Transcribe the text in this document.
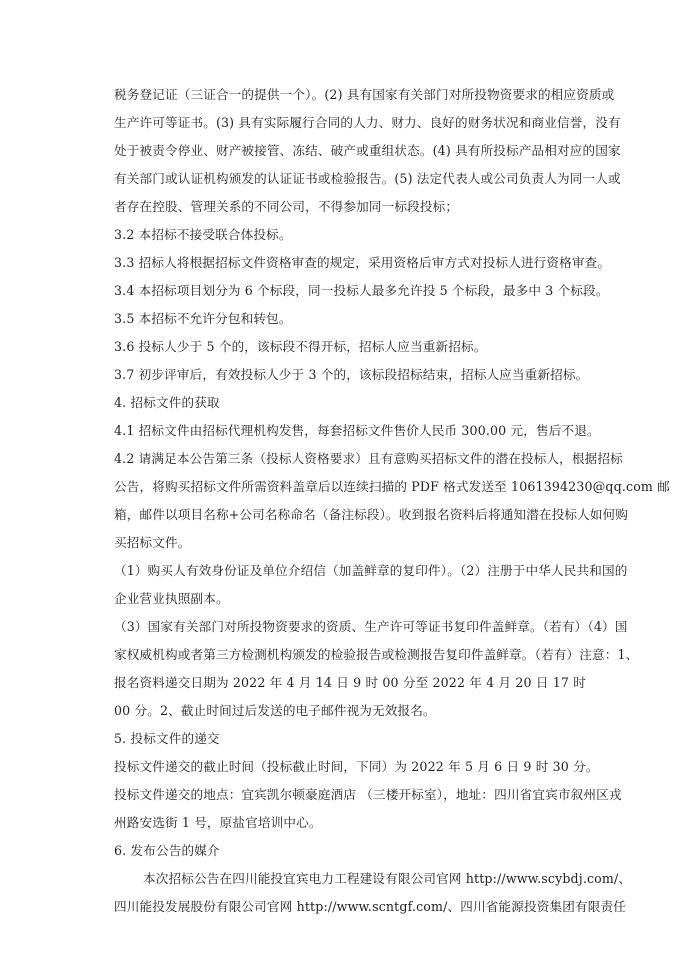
税务登记证（三证合一的提供一个）。(2) 具有国家有关部门对所投物资要求的相应资质或
生产许可等证书。(3) 具有实际履行合同的人力、财力、良好的财务状况和商业信誉，没有
处于被责令停业、财产被接管、冻结、破产或重组状态。(4) 具有所投标产品相对应的国家
有关部门或认证机构颁发的认证证书或检验报告。(5) 法定代表人或公司负责人为同一人或
者存在控股、管理关系的不同公司，不得参加同一标段投标；
3.2 本招标不接受联合体投标。
3.3 招标人将根据招标文件资格审查的规定，采用资格后审方式对投标人进行资格审查。
3.4 本招标项目划分为 6 个标段，同一投标人最多允许投 5 个标段，最多中 3 个标段。
3.5 本招标不允许分包和转包。
3.6 投标人少于 5 个的，该标段不得开标，招标人应当重新招标。
3.7 初步评审后，有效投标人少于 3 个的，该标段招标结束，招标人应当重新招标。
4. 招标文件的获取
4.1 招标文件由招标代理机构发售，每套招标文件售价人民币 300.00 元，售后不退。
4.2 请满足本公告第三条（投标人资格要求）且有意购买招标文件的潜在投标人，根据招标
公告，将购买招标文件所需资料盖章后以连续扫描的 PDF 格式发送至 1061394230@qq.com 邮
箱，邮件以项目名称+公司名称命名（备注标段）。收到报名资料后将通知潜在投标人如何购
买招标文件。
（1）购买人有效身份证及单位介绍信（加盖鲜章的复印件）。（2）注册于中华人民共和国的
企业营业执照副本。
（3）国家有关部门对所投物资要求的资质、生产许可等证书复印件盖鲜章。（若有）（4）国
家权威机构或者第三方检测机构颁发的检验报告或检测报告复印件盖鲜章。（若有）注意：1、
报名资料递交日期为 2022 年 4 月 14 日 9 时 00 分至 2022 年 4 月 20 日 17 时
00 分。2、截止时间过后发送的电子邮件视为无效报名。
5. 投标文件的递交
投标文件递交的截止时间（投标截止时间，下同）为 2022 年 5 月 6 日 9 时 30 分。
投标文件递交的地点：宜宾凯尔顿豪庭酒店 （三楼开标室），地址：四川省宜宾市叙州区戎
州路安选街 1 号，原盐官培训中心。
6. 发布公告的媒介
本次招标公告在四川能投宜宾电力工程建设有限公司官网 http://www.scybdj.com/、
四川能投发展股份有限公司官网 http://www.scntgf.com/、四川省能源投资集团有限责任
